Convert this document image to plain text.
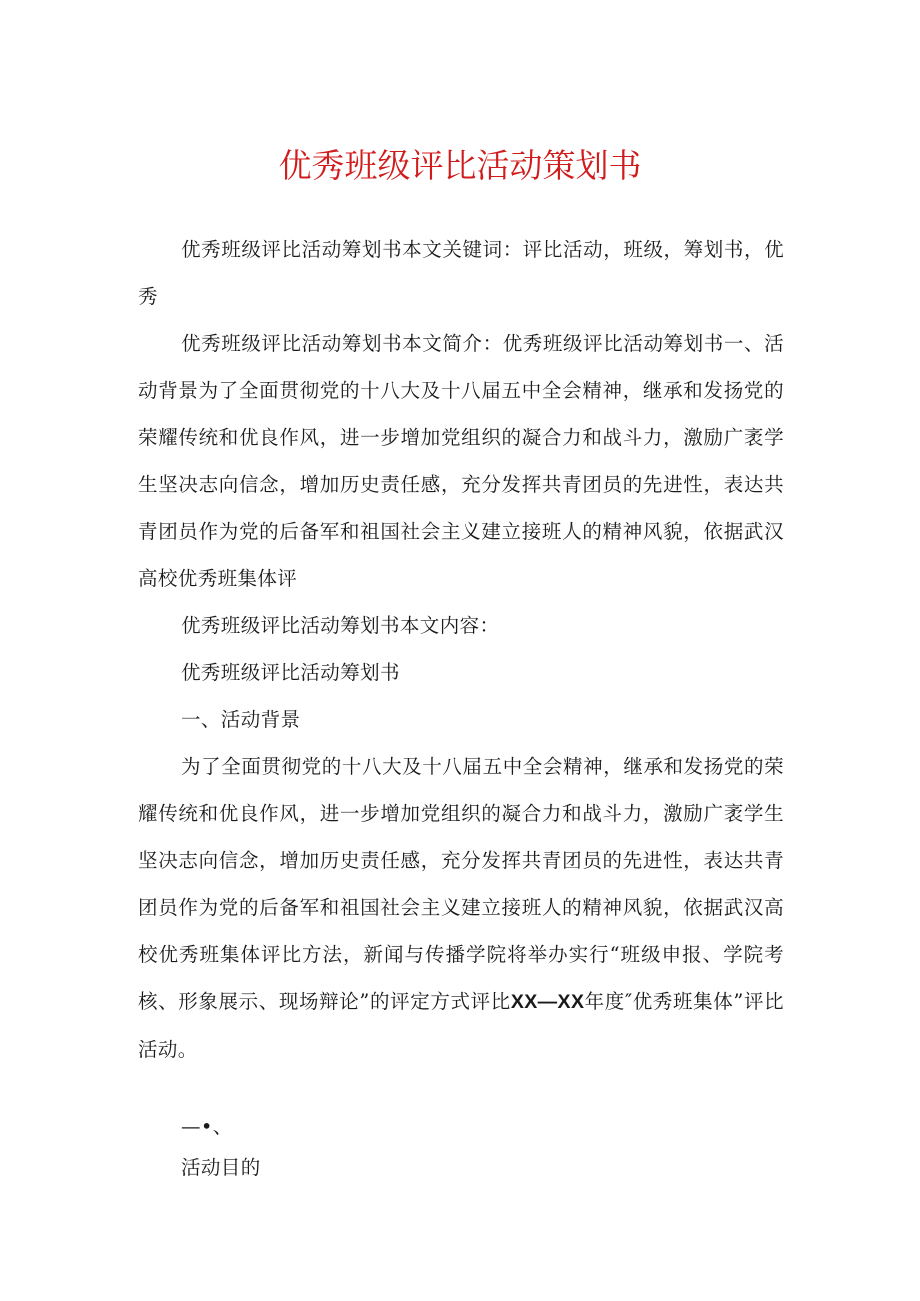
优秀班级评比活动策划书

优秀班级评比活动筹划书本文关键词：评比活动，班级，筹划书，优秀

优秀班级评比活动筹划书本文简介：优秀班级评比活动筹划书一、活动背景为了全面贯彻党的十八大及十八届五中全会精神，继承和发扬党的荣耀传统和优良作风，进一步增加党组织的凝合力和战斗力，激励广袤学生坚决志向信念，增加历史责任感，充分发挥共青团员的先进性，表达共青团员作为党的后备军和祖国社会主义建立接班人的精神风貌，依据武汉高校优秀班集体评

优秀班级评比活动筹划书本文内容：

优秀班级评比活动筹划书

一、活动背景

为了全面贯彻党的十八大及十八届五中全会精神，继承和发扬党的荣耀传统和优良作风，进一步增加党组织的凝合力和战斗力，激励广袤学生坚决志向信念，增加历史责任感，充分发挥共青团员的先进性，表达共青团员作为党的后备军和祖国社会主义建立接班人的精神风貌，依据武汉高校优秀班集体评比方法，新闻与传播学院将举办实行“班级申报、学院考核、形象展示、现场辩论”的评定方式评比XX—XX年度″优秀班集体”评比活动。

—•、

活动目的
